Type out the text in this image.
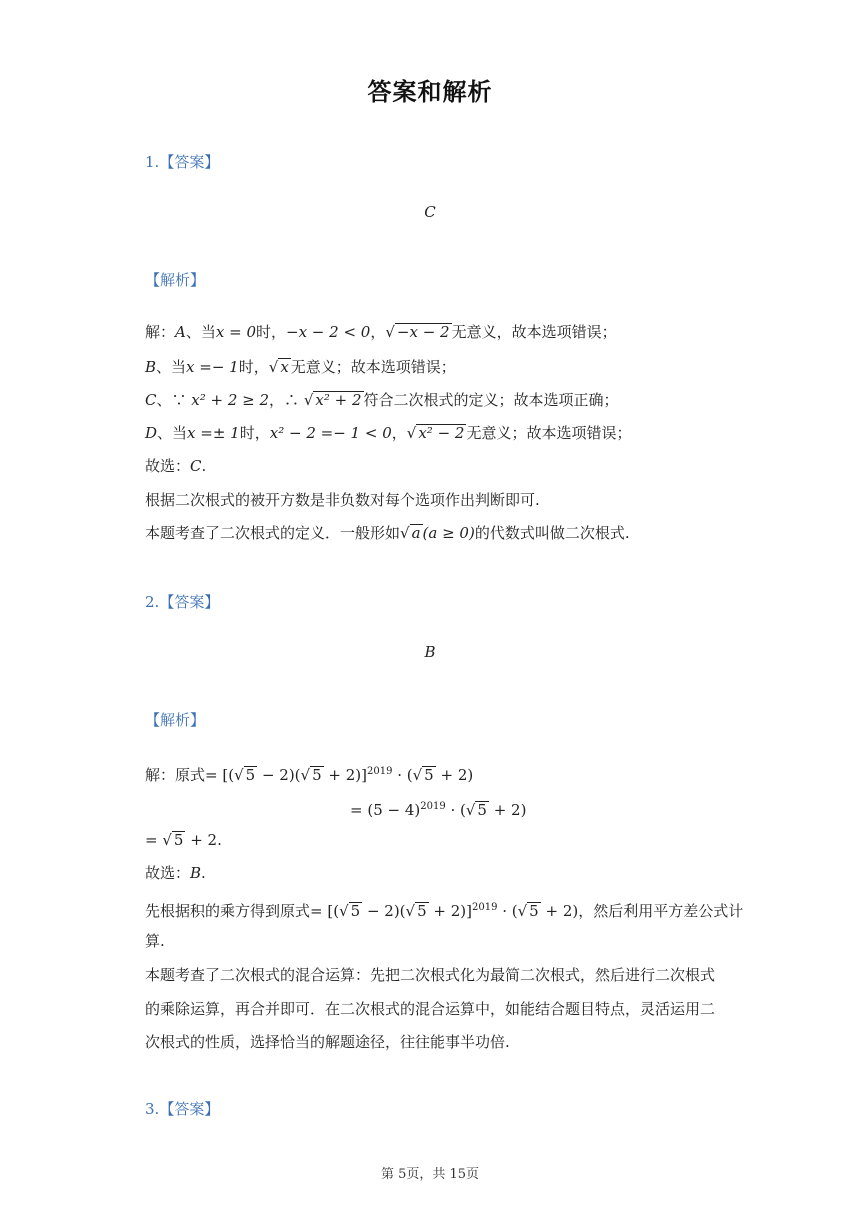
答案和解析
1.【答案】
C
【解析】
解：A、当x = 0时，−x − 2 < 0，√ −x − 2 无意义，故本选项错误；
B、当x =− 1时，√ x 无意义；故本选项错误；
C、∵ x² + 2 ≥ 2，∴ √ x² + 2 符合二次根式的定义；故本选项正确；
D、当x =± 1时，x² − 2 =− 1 < 0，√ x² − 2 无意义；故本选项错误；
故选：C.
根据二次根式的被开方数是非负数对每个选项作出判断即可.
本题考查了二次根式的定义．一般形如√ a (a ≥ 0)的代数式叫做二次根式.
2.【答案】
B
【解析】
解：原式= [(√ 5 − 2)(√ 5 + 2)]$^{2019}$ · (√ 5 + 2)
= $(5 - 4)^{2019}$ · (√ 5 + 2)
= √ 5 + 2.
故选：B.
先根据积的乘方得到原式= [(√ 5 − 2)(√ 5 + 2)]$^{2019}$ · (√ 5 + 2)，然后利用平方差公式计
算.
本题考查了二次根式的混合运算：先把二次根式化为最简二次根式，然后进行二次根式
的乘除运算，再合并即可．在二次根式的混合运算中，如能结合题目特点，灵活运用二
次根式的性质，选择恰当的解题途径，往往能事半功倍.
3.【答案】
第 5页，共 15页
